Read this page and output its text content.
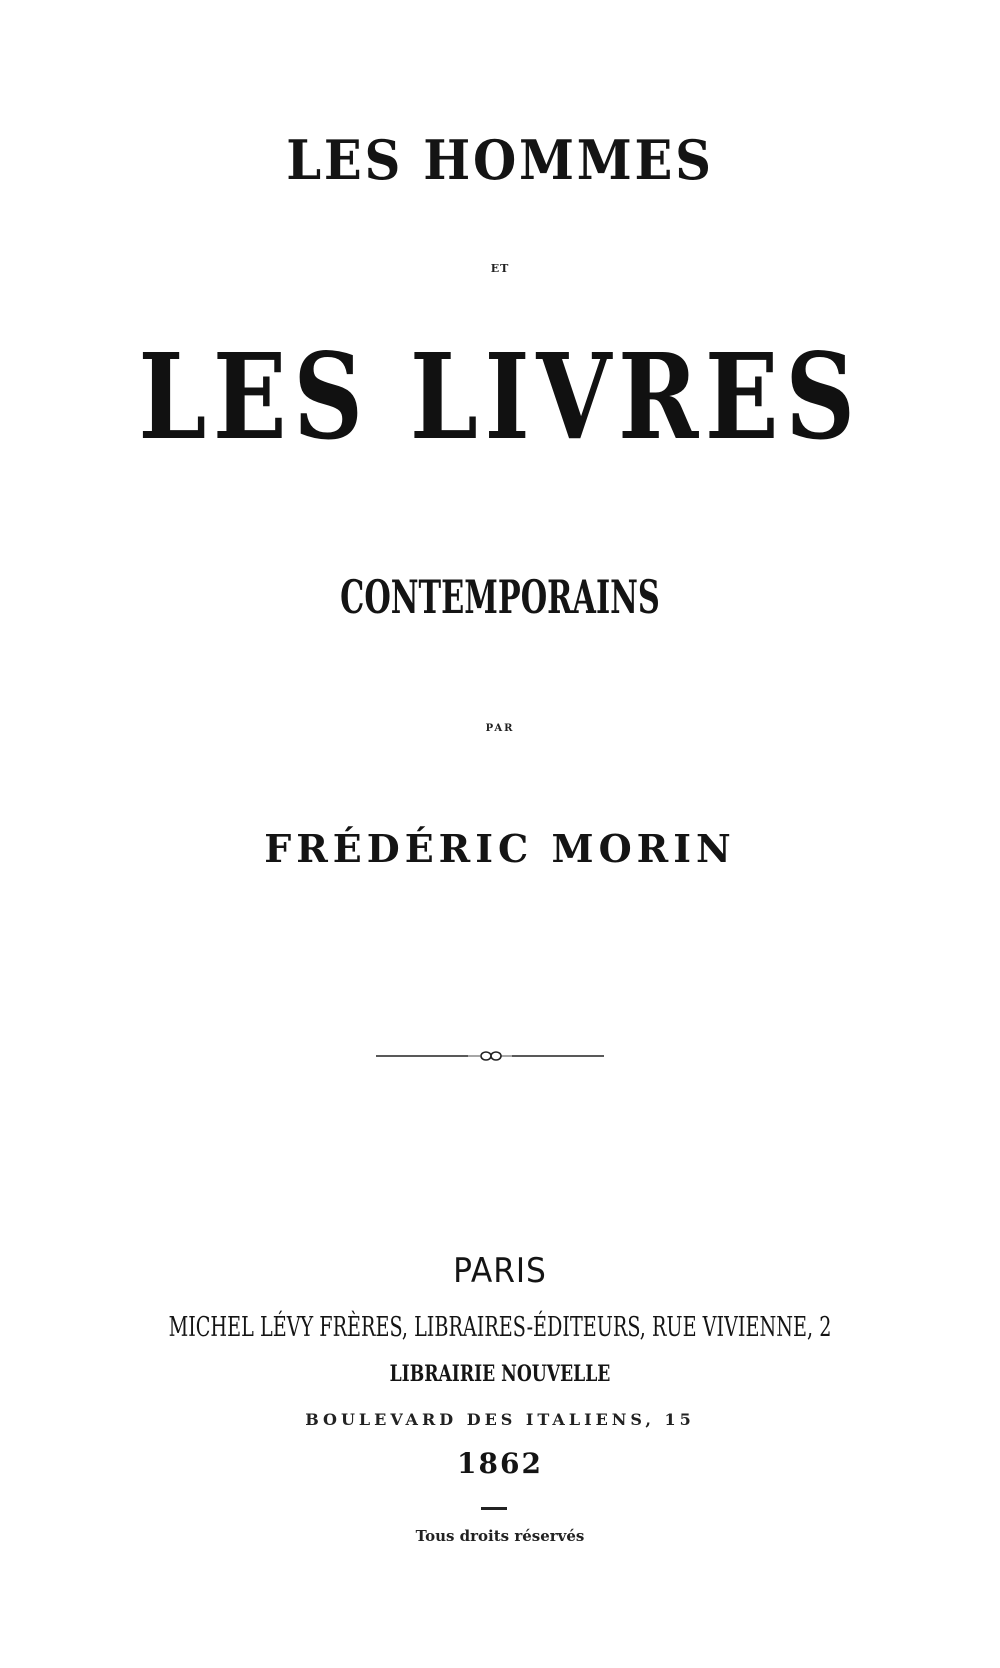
LES HOMMES

ET

LES LIVRES

CONTEMPORAINS

PAR

FRÉDÉRIC MORIN

PARIS

MICHEL LÉVY FRÈRES, LIBRAIRES-ÉDITEURS, RUE VIVIENNE, 2

LIBRAIRIE NOUVELLE

BOULEVARD DES ITALIENS, 15

1862

Tous droits réservés
